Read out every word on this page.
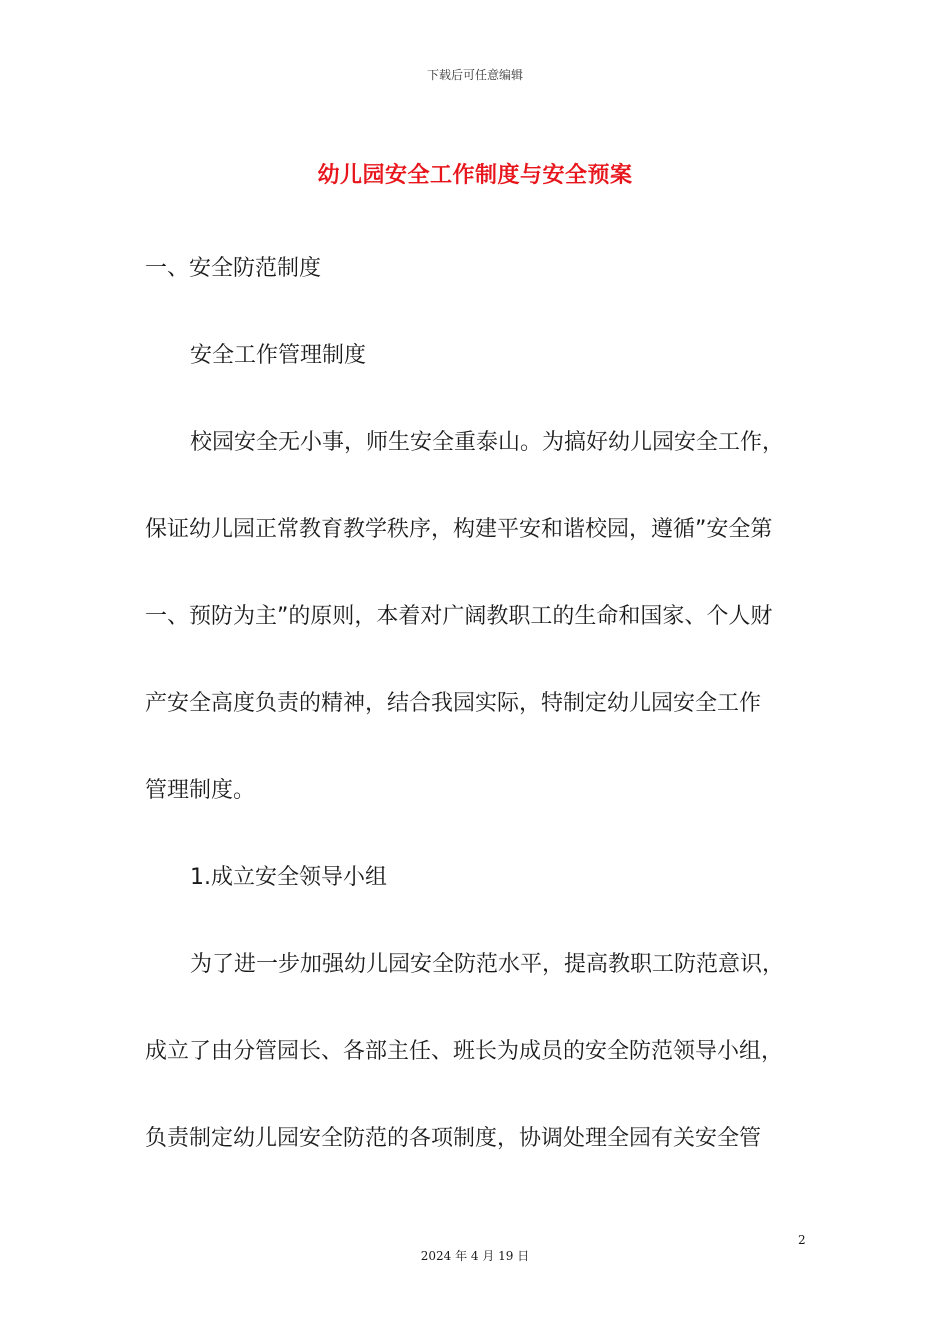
下载后可任意编辑
幼儿园安全工作制度与安全预案
一、安全防范制度
安全工作管理制度
校园安全无小事，师生安全重泰山。为搞好幼儿园安全工作，
保证幼儿园正常教育教学秩序，构建平安和谐校园，遵循”安全第
一、预防为主”的原则，本着对广阔教职工的生命和国家、个人财
产安全高度负责的精神，结合我园实际，特制定幼儿园安全工作
管理制度。
1.成立安全领导小组
为了进一步加强幼儿园安全防范水平，提高教职工防范意识，
成立了由分管园长、各部主任、班长为成员的安全防范领导小组，
负责制定幼儿园安全防范的各项制度，协调处理全园有关安全管
2
2024 年 4 月 19 日
